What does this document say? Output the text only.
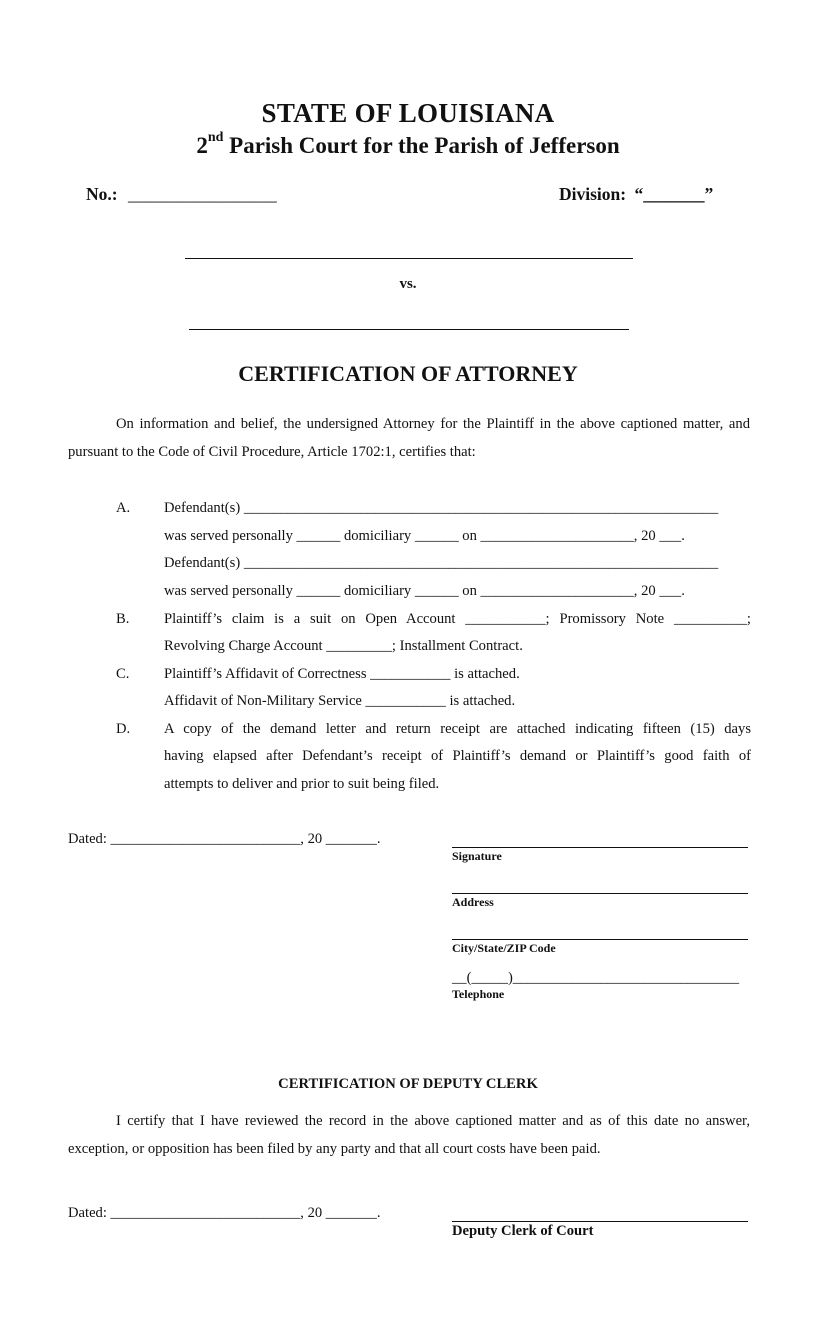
STATE OF LOUISIANA
2nd Parish Court for the Parish of Jefferson
No.: _________________	Division: “_______”
vs.
CERTIFICATION OF ATTORNEY
On information and belief, the undersigned Attorney for the Plaintiff in the above captioned matter, and pursuant to the Code of Civil Procedure, Article 1702:1, certifies that:
A. Defendant(s) _________________________________________________________________
was served personally ______ domiciliary ______ on _____________________, 20 ___.
Defendant(s) _________________________________________________________________
was served personally ______ domiciliary ______ on _____________________, 20 ___.
B. Plaintiff’s claim is a suit on Open Account ___________; Promissory Note __________;
Revolving Charge Account _________; Installment Contract.
C. Plaintiff’s Affidavit of Correctness ___________ is attached.
Affidavit of Non-Military Service ___________ is attached.
D. A copy of the demand letter and return receipt are attached indicating fifteen (15) days
having elapsed after Defendant’s receipt of Plaintiff’s demand or Plaintiff’s good faith of
attempts to deliver and prior to suit being filed.
Dated: __________________________, 20 _______.
Signature
Address
City/State/ZIP Code
__(_____)_______________________________
Telephone
CERTIFICATION OF DEPUTY CLERK
I certify that I have reviewed the record in the above captioned matter and as of this date no answer, exception, or opposition has been filed by any party and that all court costs have been paid.
Dated: __________________________, 20 _______.
Deputy Clerk of Court
